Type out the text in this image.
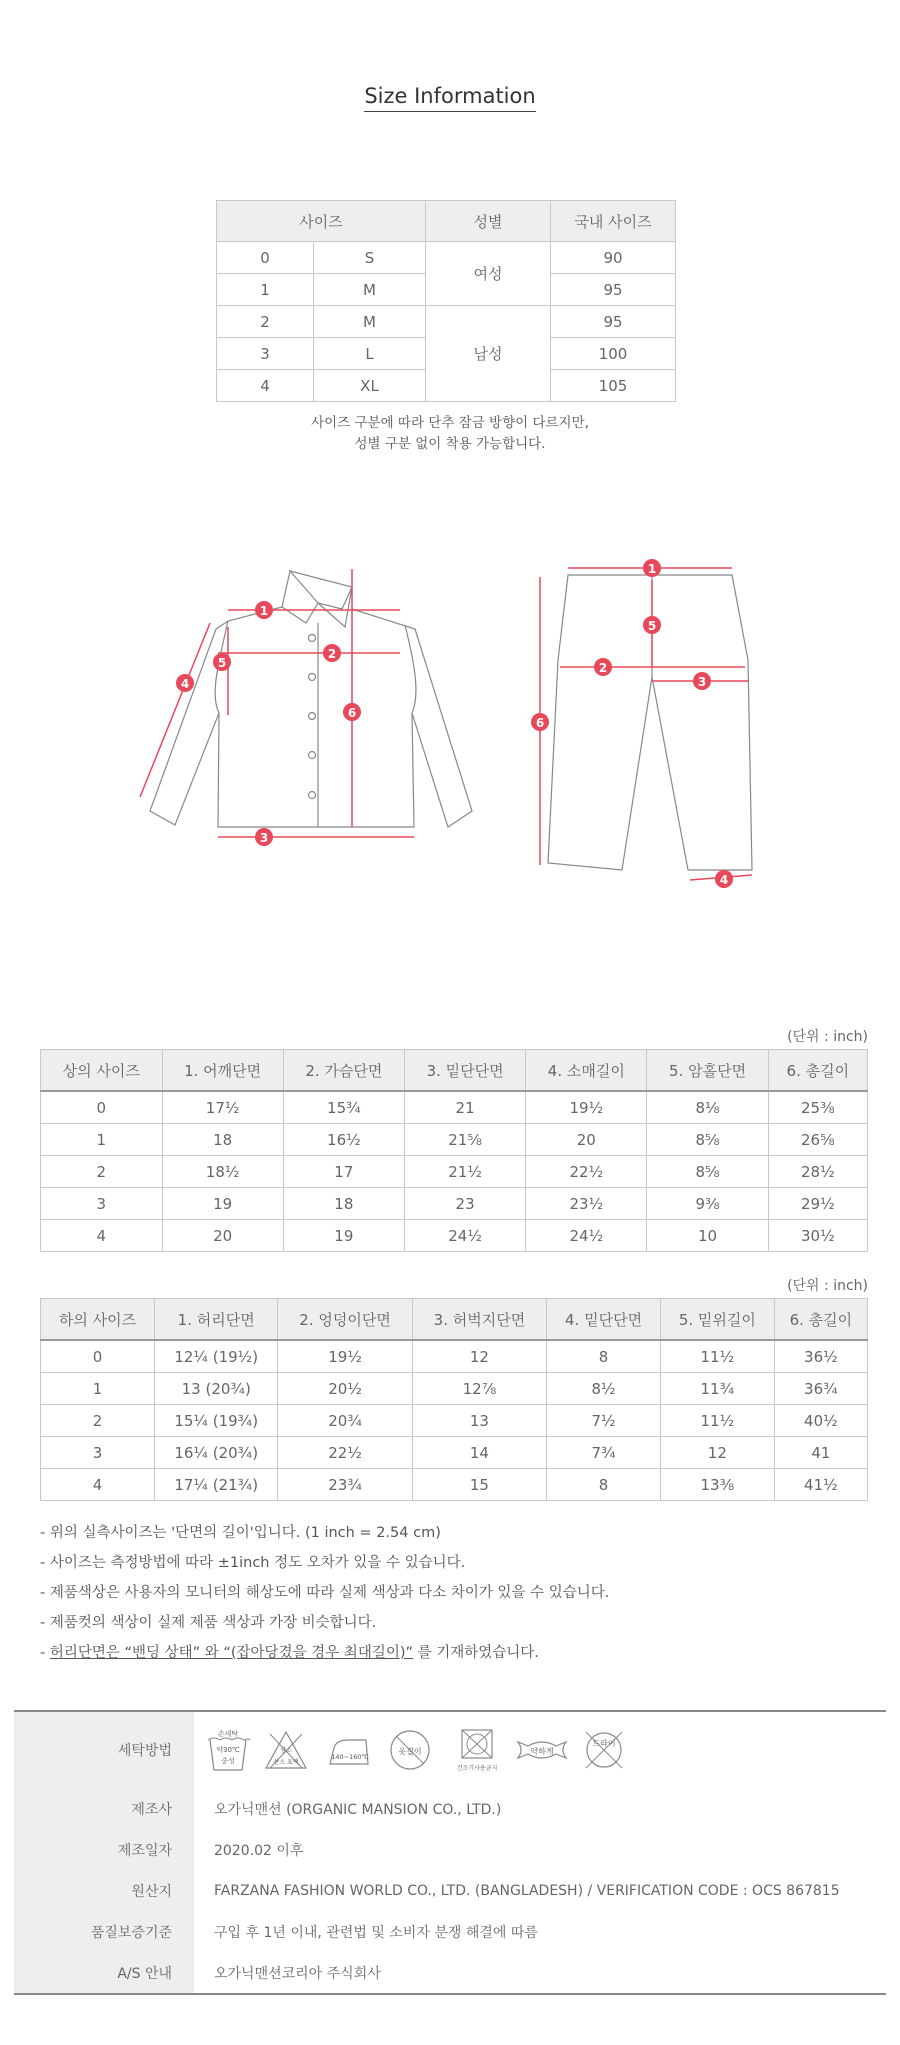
Size Information
사이즈		성별	국내 사이즈
0	S	여성	90
1	M		95
2	M	남성	95
3	L		100
4	XL		105
사이즈 구분에 따라 단추 잠금 방향이 다르지만,
성별 구분 없이 착용 가능합니다.
1
2
3
4
5
6
1
2
3
4
5
6
(단위 : inch)
상의 사이즈	1. 어깨단면	2. 가슴단면	3. 밑단단면	4. 소매길이	5. 암홀단면	6. 총길이
0	17½	15¾	21	19½	8⅛	25⅜
1	18	16½	21⅝	20	8⅝	26⅝
2	18½	17	21½	22½	8⅝	28½
3	19	18	23	23½	9⅜	29½
4	20	19	24½	24½	10	30½
(단위 : inch)
하의 사이즈	1. 허리단면	2. 엉덩이단면	3. 허벅지단면	4. 밑단단면	5. 밑위길이	6. 총길이
0	12¼ (19½)	19½	12	8	11½	36½
1	13 (20¾)	20½	12⅞	8½	11¾	36¾
2	15¼ (19¾)	20¾	13	7½	11½	40½
3	16¼ (20¾)	22½	14	7¾	12	41
4	17¼ (21¾)	23¾	15	8	13⅜	41½
- 위의 실측사이즈는 '단면의 길이'입니다. (1 inch = 2.54 cm)
- 사이즈는 측정방법에 따라 ±1inch 정도 오차가 있을 수 있습니다.
- 제품색상은 사용자의 모니터의 해상도에 따라 실제 색상과 다소 차이가 있을 수 있습니다.
- 제품컷의 색상이 실제 제품 색상과 가장 비슷합니다.
- 허리단면은 “밴딩 상태” 와 “(잡아당겼을 경우 최대길이)” 를 기재하였습니다.
세탁방법
손세탁
약30℃
중성
염소
산소 표백
140~160℃
옷걸이
건조기사용금지
약하게
드라이
제조사	오가닉맨션 (ORGANIC MANSION CO., LTD.)
제조일자	2020.02 이후
원산지	FARZANA FASHION WORLD CO., LTD. (BANGLADESH) / VERIFICATION CODE : OCS 867815
품질보증기준	구입 후 1년 이내, 관련법 및 소비자 분쟁 해결에 따름
A/S 안내	오가닉맨션코리아 주식회사
